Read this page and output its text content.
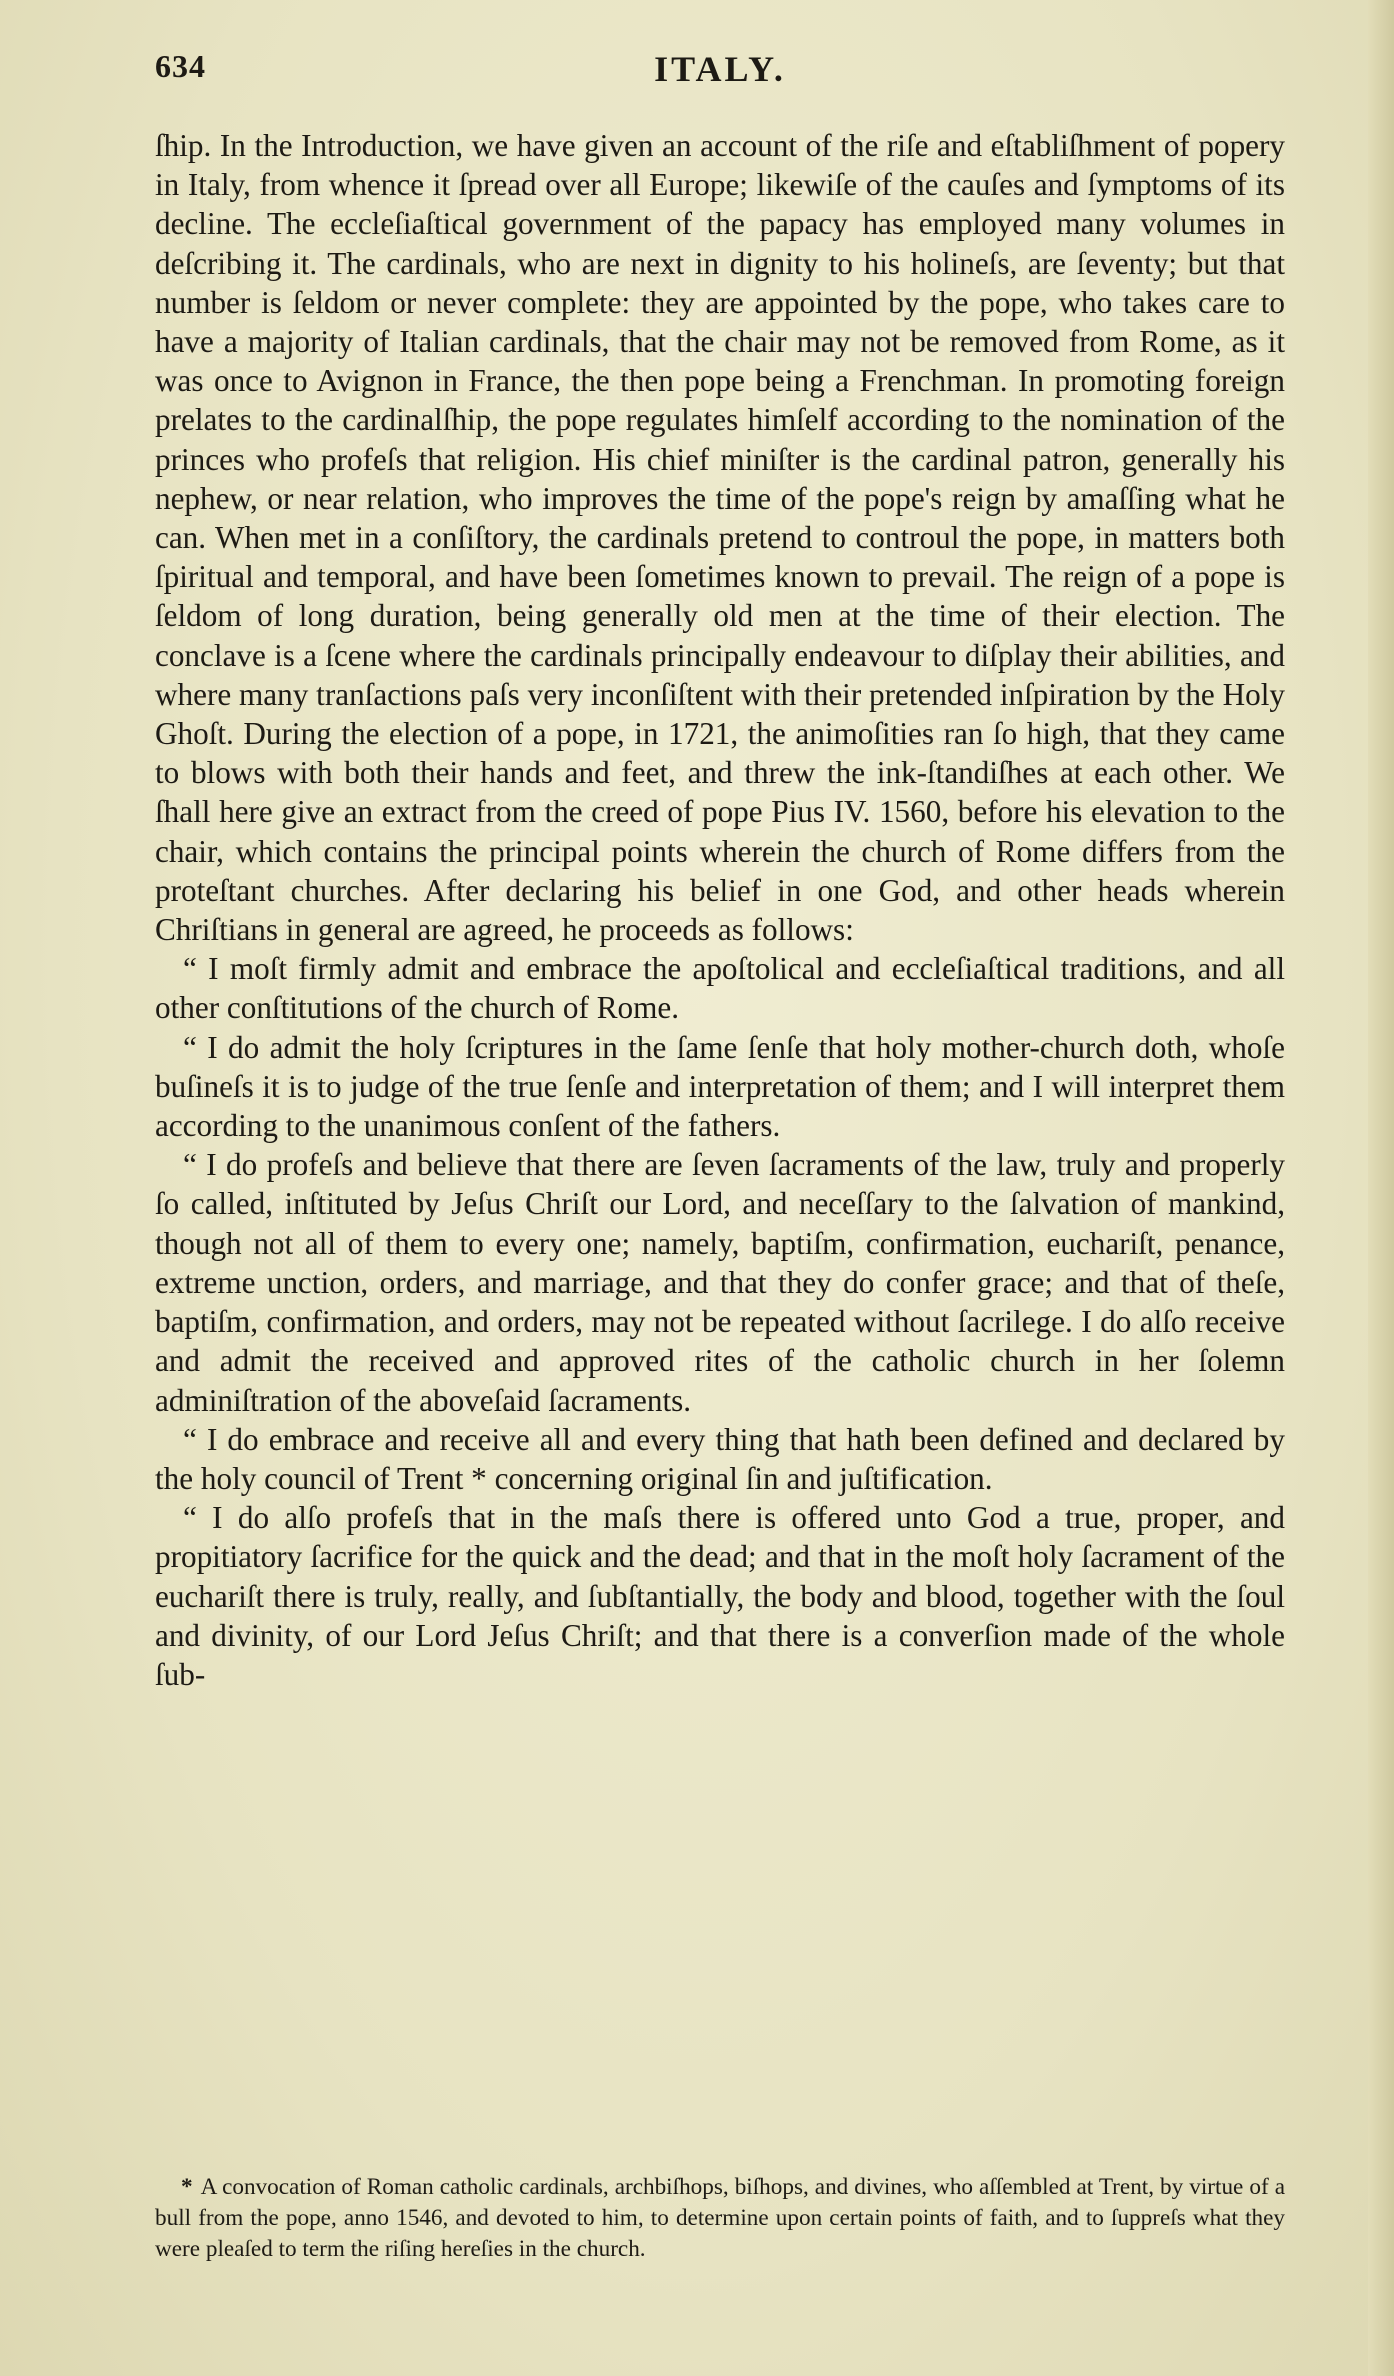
634	ITALY.

ſhip. In the Introduction, we have given an account of the riſe and eſtabliſhment of popery in Italy, from whence it ſpread over all Europe; likewiſe of the cauſes and ſymptoms of its decline. The eccleſiaſtical government of the papacy has employed many volumes in deſcribing it. The cardinals, who are next in dignity to his holineſs, are ſeventy; but that number is ſeldom or never complete: they are appointed by the pope, who takes care to have a majority of Italian cardinals, that the chair may not be removed from Rome, as it was once to Avignon in France, the then pope being a Frenchman. In promoting foreign prelates to the cardinalſhip, the pope regulates himſelf according to the nomination of the princes who profeſs that religion. His chief miniſter is the cardinal patron, generally his nephew, or near relation, who improves the time of the pope's reign by amaſſing what he can. When met in a conſiſtory, the cardinals pretend to controul the pope, in matters both ſpiritual and temporal, and have been ſometimes known to prevail. The reign of a pope is ſeldom of long duration, being generally old men at the time of their election. The conclave is a ſcene where the cardinals principally endeavour to diſplay their abilities, and where many tranſactions paſs very inconſiſtent with their pretended inſpiration by the Holy Ghoſt. During the election of a pope, in 1721, the animoſities ran ſo high, that they came to blows with both their hands and feet, and threw the ink-ſtandiſhes at each other. We ſhall here give an extract from the creed of pope Pius IV. 1560, before his elevation to the chair, which contains the principal points wherein the church of Rome differs from the proteſtant churches. After declaring his belief in one God, and other heads wherein Chriſtians in general are agreed, he proceeds as follows:

“ I moſt firmly admit and embrace the apoſtolical and eccleſiaſtical traditions, and all other conſtitutions of the church of Rome.

“ I do admit the holy ſcriptures in the ſame ſenſe that holy mother-church doth, whoſe buſineſs it is to judge of the true ſenſe and interpretation of them; and I will interpret them according to the unanimous conſent of the fathers.

“ I do profeſs and believe that there are ſeven ſacraments of the law, truly and properly ſo called, inſtituted by Jeſus Chriſt our Lord, and neceſſary to the ſalvation of mankind, though not all of them to every one; namely, baptiſm, confirmation, euchariſt, penance, extreme unction, orders, and marriage, and that they do confer grace; and that of theſe, baptiſm, confirmation, and orders, may not be repeated without ſacrilege. I do alſo receive and admit the received and approved rites of the catholic church in her ſolemn adminiſtration of the aboveſaid ſacraments.

“ I do embrace and receive all and every thing that hath been defined and declared by the holy council of Trent * concerning original ſin and juſtification.

“ I do alſo profeſs that in the maſs there is offered unto God a true, proper, and propitiatory ſacrifice for the quick and the dead; and that in the moſt holy ſacrament of the euchariſt there is truly, really, and ſubſtantially, the body and blood, together with the ſoul and divinity, of our Lord Jeſus Chriſt; and that there is a converſion made of the whole ſub-

* A convocation of Roman catholic cardinals, archbiſhops, biſhops, and divines, who aſſembled at Trent, by virtue of a bull from the pope, anno 1546, and devoted to him, to determine upon certain points of faith, and to ſuppreſs what they were pleaſed to term the riſing hereſies in the church.
